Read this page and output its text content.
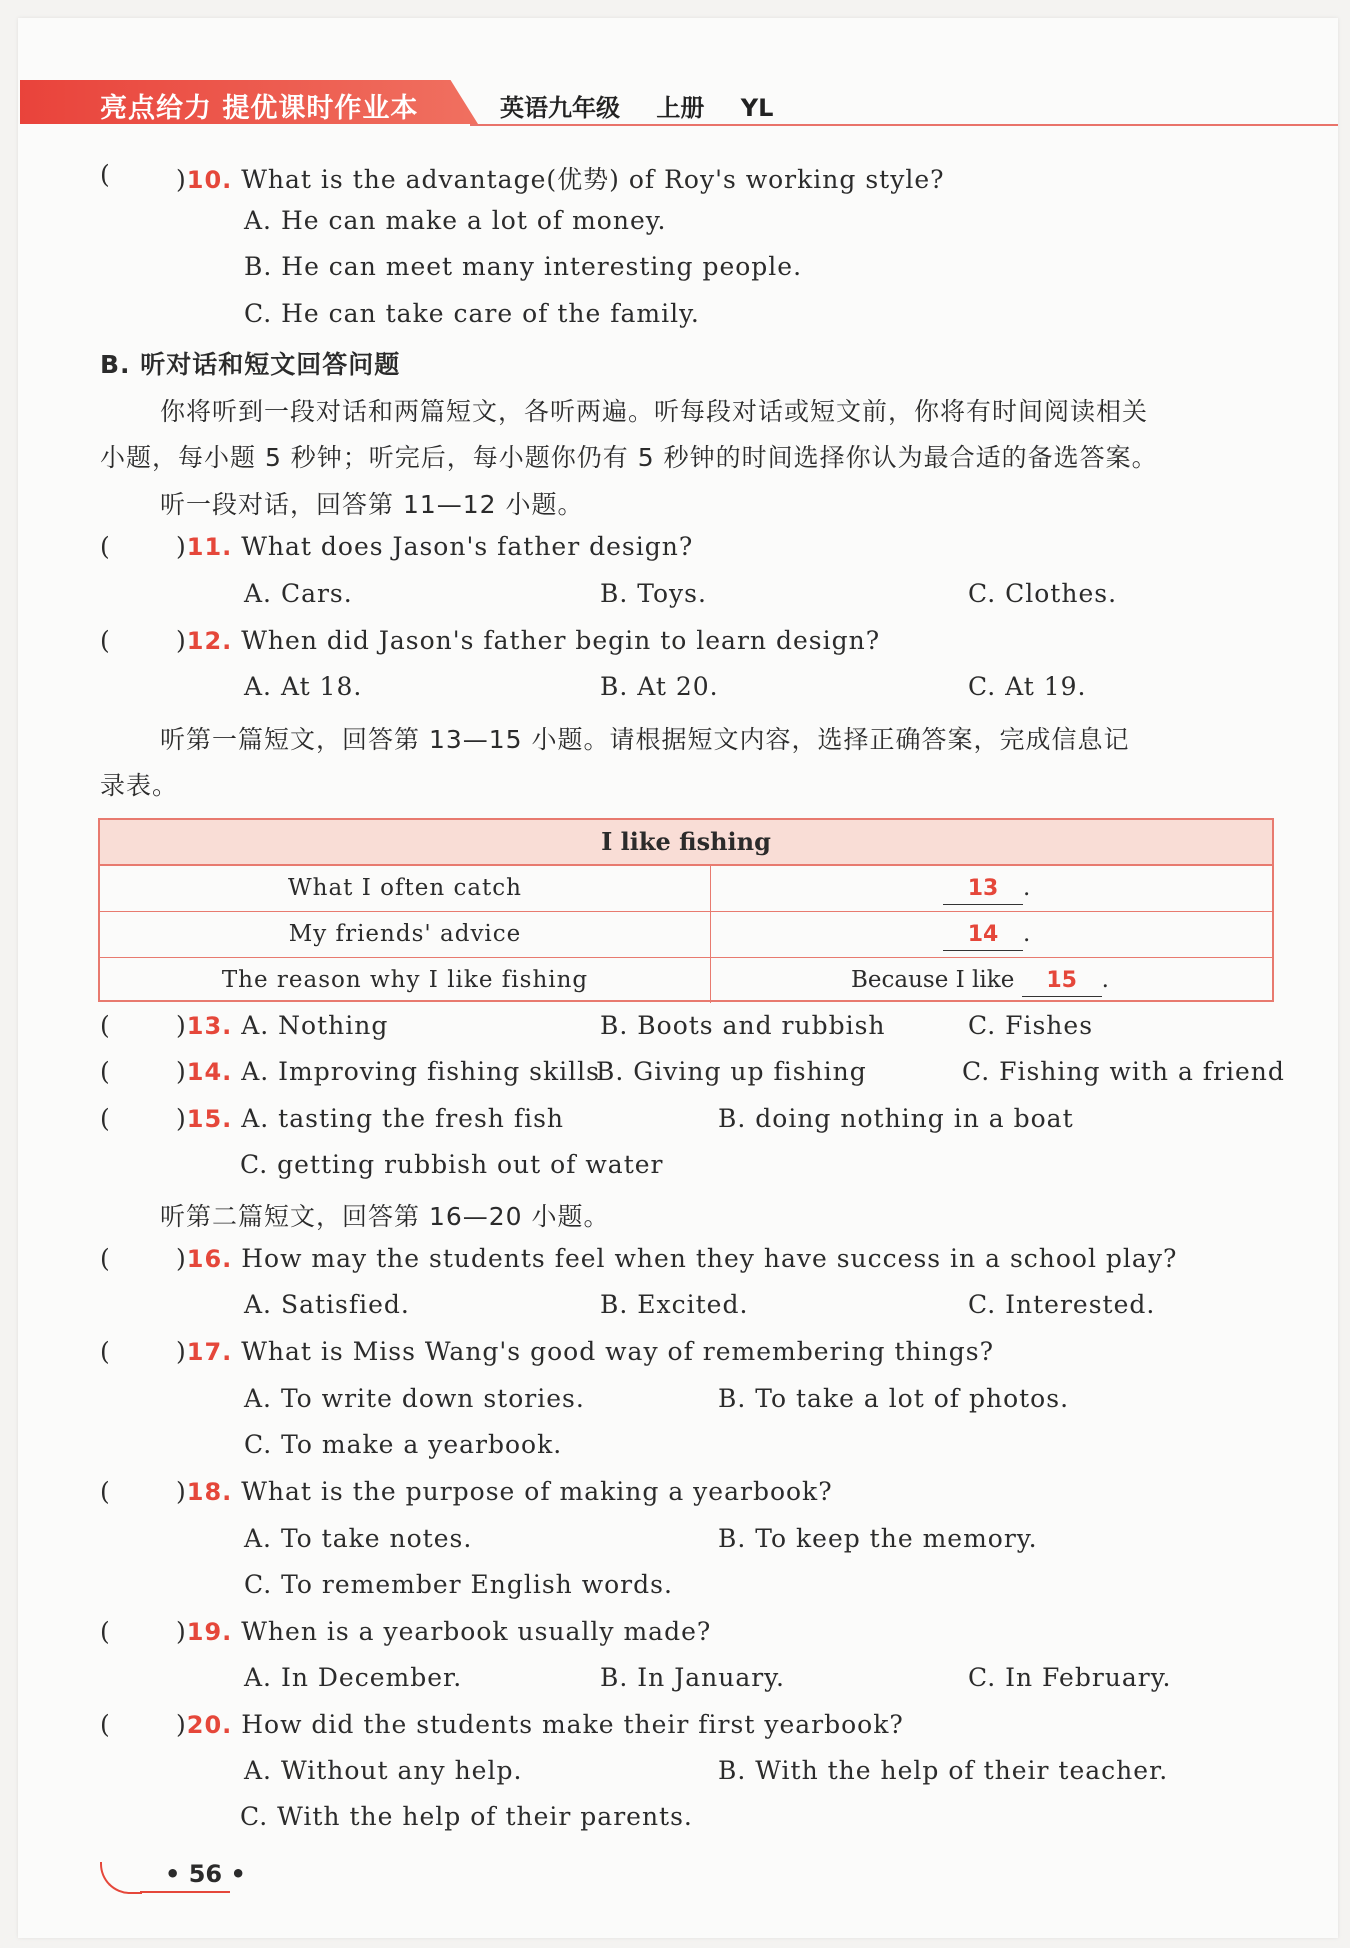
亮点给力 提优课时作业本	英语九年级 上册 YL
(	)10. What is the advantage(优势) of Roy's working style?
A. He can make a lot of money.
B. He can meet many interesting people.
C. He can take care of the family.
B. 听对话和短文回答问题
你将听到一段对话和两篇短文，各听两遍。听每段对话或短文前，你将有时间阅读相关
小题，每小题 5 秒钟；听完后，每小题你仍有 5 秒钟的时间选择你认为最合适的备选答案。
听一段对话，回答第 11—12 小题。
(	)11. What does Jason's father design?
A. Cars.	B. Toys.	C. Clothes.
(	)12. When did Jason's father begin to learn design?
A. At 18.	B. At 20.	C. At 19.
听第一篇短文，回答第 13—15 小题。请根据短文内容，选择正确答案，完成信息记
录表。
I like fishing
What I often catch	13 .
My friends' advice	14 .
The reason why I like fishing	Because I like 15 .
(	)13. A. Nothing	B. Boots and rubbish	C. Fishes
(	)14. A. Improving fishing skills
B. Giving up fishing	C. Fishing with a friend
(	)15. A. tasting the fresh fish	B. doing nothing in a boat
C. getting rubbish out of water
听第二篇短文，回答第 16—20 小题。
(	)16. How may the students feel when they have success in a school play?
A. Satisfied.	B. Excited.	C. Interested.
(	)17. What is Miss Wang's good way of remembering things?
A. To write down stories.	B. To take a lot of photos.
C. To make a yearbook.
(	)18. What is the purpose of making a yearbook?
A. To take notes.	B. To keep the memory.
C. To remember English words.
(	)19. When is a yearbook usually made?
A. In December.	B. In January.	C. In February.
(	)20. How did the students make their first yearbook?
A. Without any help.	B. With the help of their teacher.
C. With the help of their parents.
• 56 •
